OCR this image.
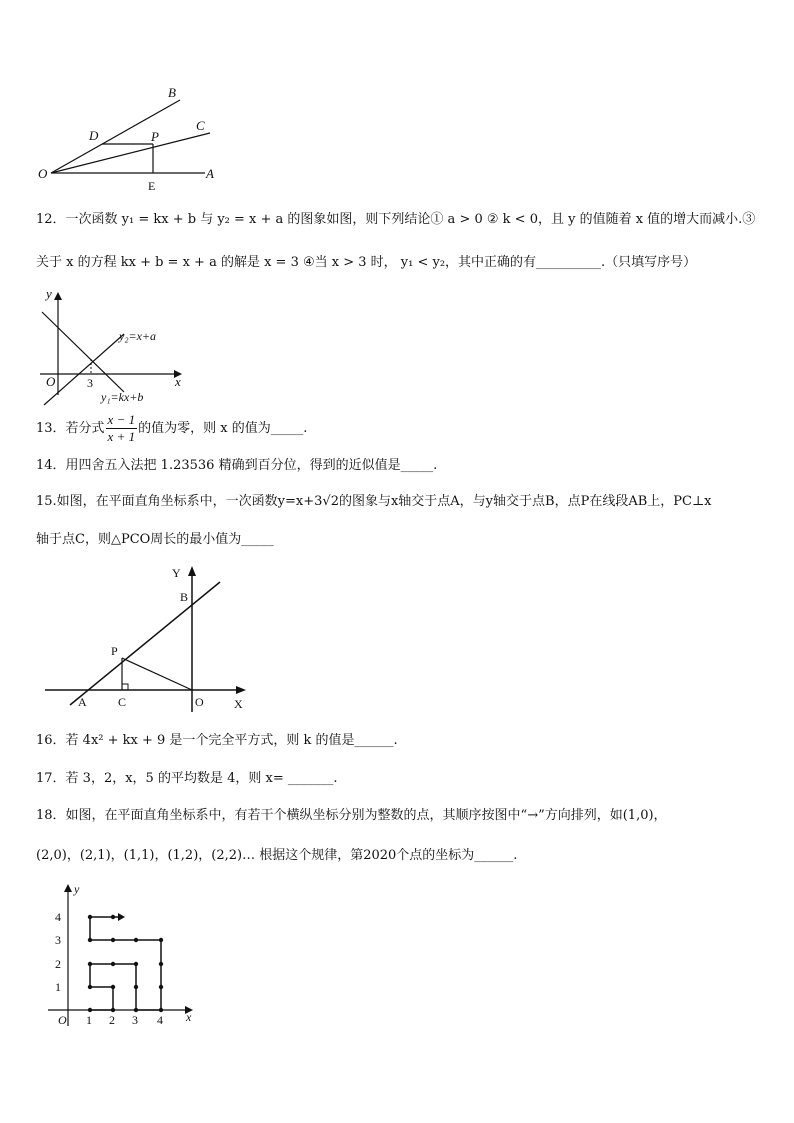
B
C
D	P
O	A
E
12．一次函数 y₁ = kx + b 与 y₂ = x + a 的图象如图，则下列结论① a > 0 ② k < 0，且 y 的值随着 x 值的增大而减小.③
关于 x 的方程 kx + b = x + a 的解是 x = 3 ④当 x > 3 时， y₁ < y₂，其中正确的有__________.（只填写序号）
y
x
O	3
y₂=x+a
y₁=kx+b
13．若分式 $\frac{x - 1}{x + 1}$ 的值为零，则 x 的值为_____.
14．用四舍五入法把 1.23536 精确到百分位，得到的近似值是_____.
15.如图，在平面直角坐标系中，一次函数y=x+3√2的图象与x轴交于点A，与y轴交于点B，点P在线段AB上，PC⊥x
轴于点C，则△PCO周长的最小值为_____
Y
B
P
A	C	O	X
16．若 4x² + kx + 9 是一个完全平方式，则 k 的值是______.
17．若 3，2，x，5 的平均数是 4，则 x= _______.
18．如图，在平面直角坐标系中，有若干个横纵坐标分别为整数的点，其顺序按图中“→”方向排列，如(1,0)，
(2,0)，(2,1)，(1,1)，(1,2)，(2,2)… 根据这个规律，第2020个点的坐标为______.
y
x
O 1 2 3 4
1
2
3
4
